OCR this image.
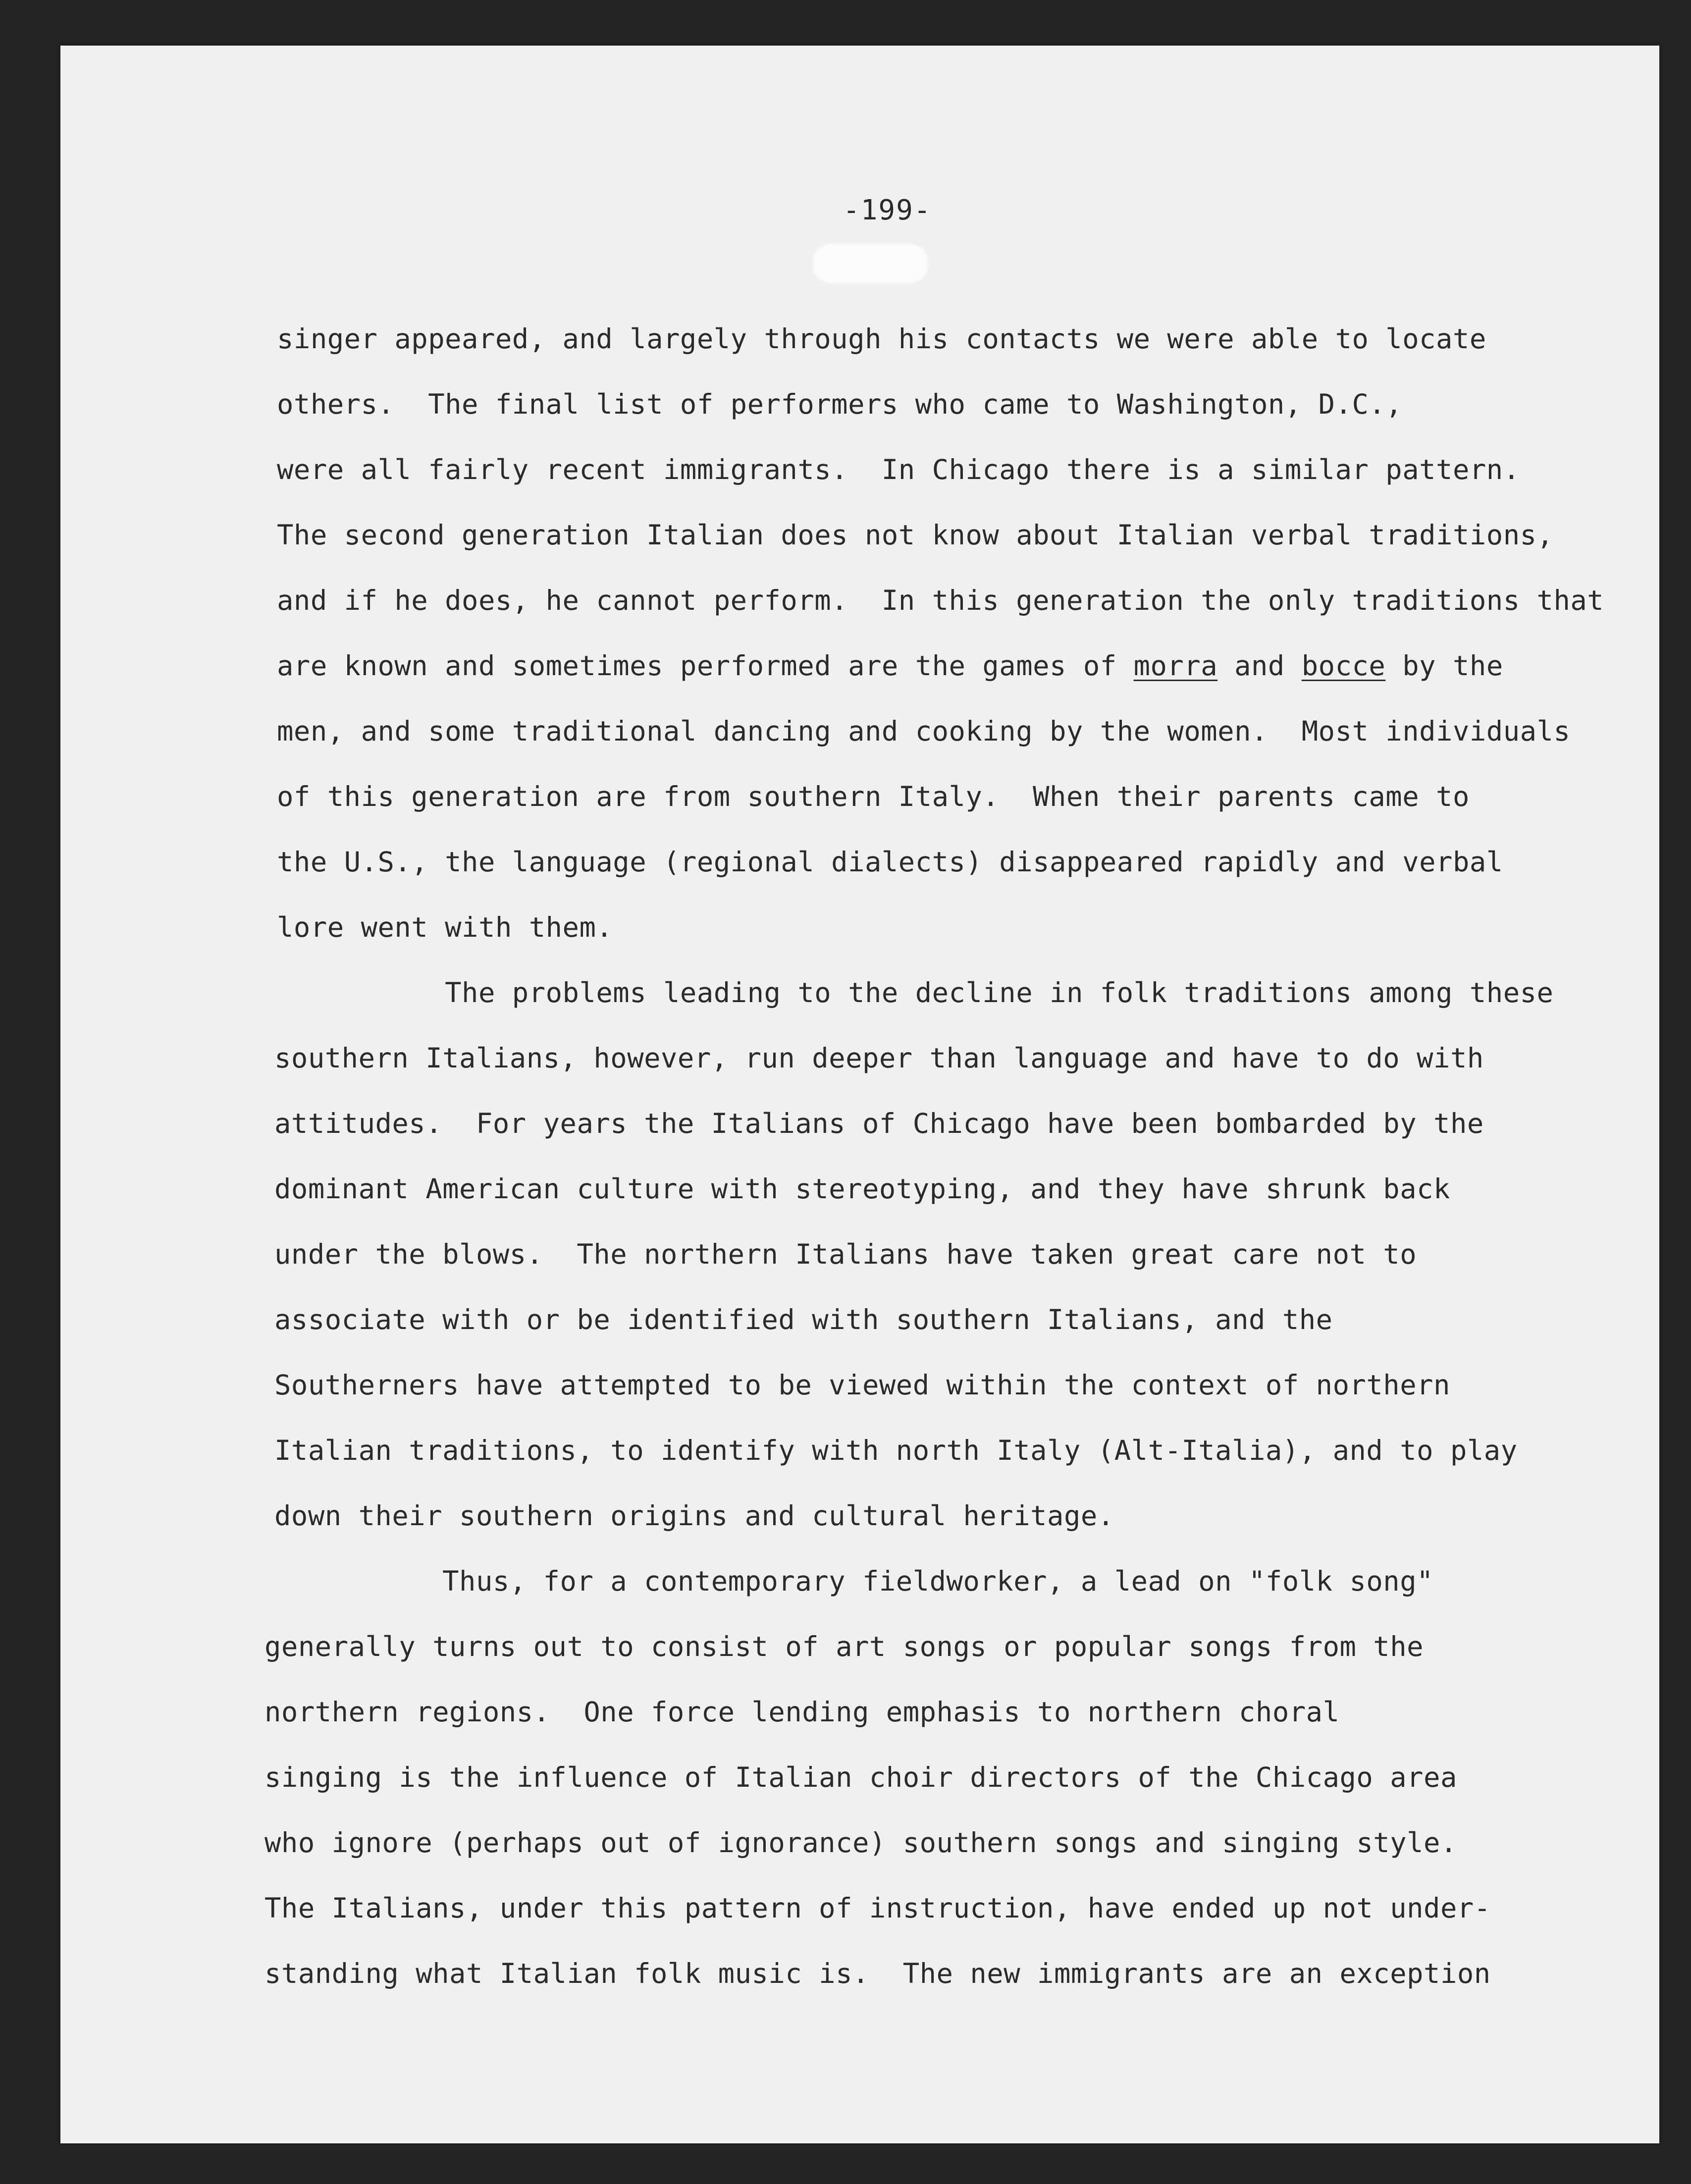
-199-
singer appeared, and largely through his contacts we were able to locate
others.  The final list of performers who came to Washington, D.C.,
were all fairly recent immigrants.  In Chicago there is a similar pattern.
The second generation Italian does not know about Italian verbal traditions,
and if he does, he cannot perform.  In this generation the only traditions that
are known and sometimes performed are the games of morra and bocce by the
men, and some traditional dancing and cooking by the women.  Most individuals
of this generation are from southern Italy.  When their parents came to
the U.S., the language (regional dialects) disappeared rapidly and verbal
lore went with them.
The problems leading to the decline in folk traditions among these
southern Italians, however, run deeper than language and have to do with
attitudes.  For years the Italians of Chicago have been bombarded by the
dominant American culture with stereotyping, and they have shrunk back
under the blows.  The northern Italians have taken great care not to
associate with or be identified with southern Italians, and the
Southerners have attempted to be viewed within the context of northern
Italian traditions, to identify with north Italy (Alt-Italia), and to play
down their southern origins and cultural heritage.
Thus, for a contemporary fieldworker, a lead on "folk song"
generally turns out to consist of art songs or popular songs from the
northern regions.  One force lending emphasis to northern choral
singing is the influence of Italian choir directors of the Chicago area
who ignore (perhaps out of ignorance) southern songs and singing style.
The Italians, under this pattern of instruction, have ended up not under-
standing what Italian folk music is.  The new immigrants are an exception
